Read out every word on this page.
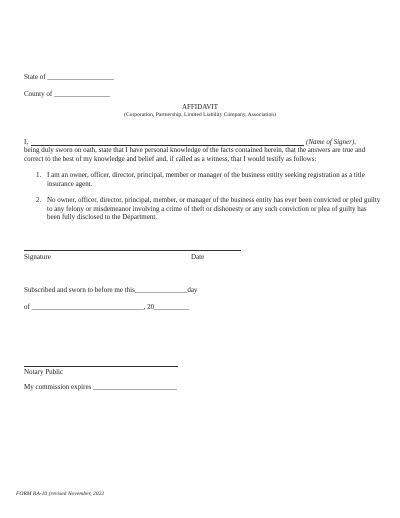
State of ___________________
County of ________________
AFFIDAVIT
(Corporation, Partnership, Limited Liability Company, Association)
I,	(Name of Signer),
being duly sworn on oath, state that I have personal knowledge of the facts contained herein, that the answers are true and correct to the best of my knowledge and belief and, if called as a witness, that I would testify as follows:
1. I am an owner, officer, director, principal, member or manager of the business entity seeking registration as a title insurance agent.
2. No owner, officer, director, principal, member, or manager of the business entity has ever been convicted or pled guilty to any felony or misdemeanor involving a crime of theft or dishonesty or any such conviction or plea of guilty has been fully disclosed to the Department.
Signature	Date
Subscribed and sworn to before me this_______________day
of ________________________________, 20__________
Notary Public
My commission expires ________________________
FORM RA-10 (revised November, 2022
